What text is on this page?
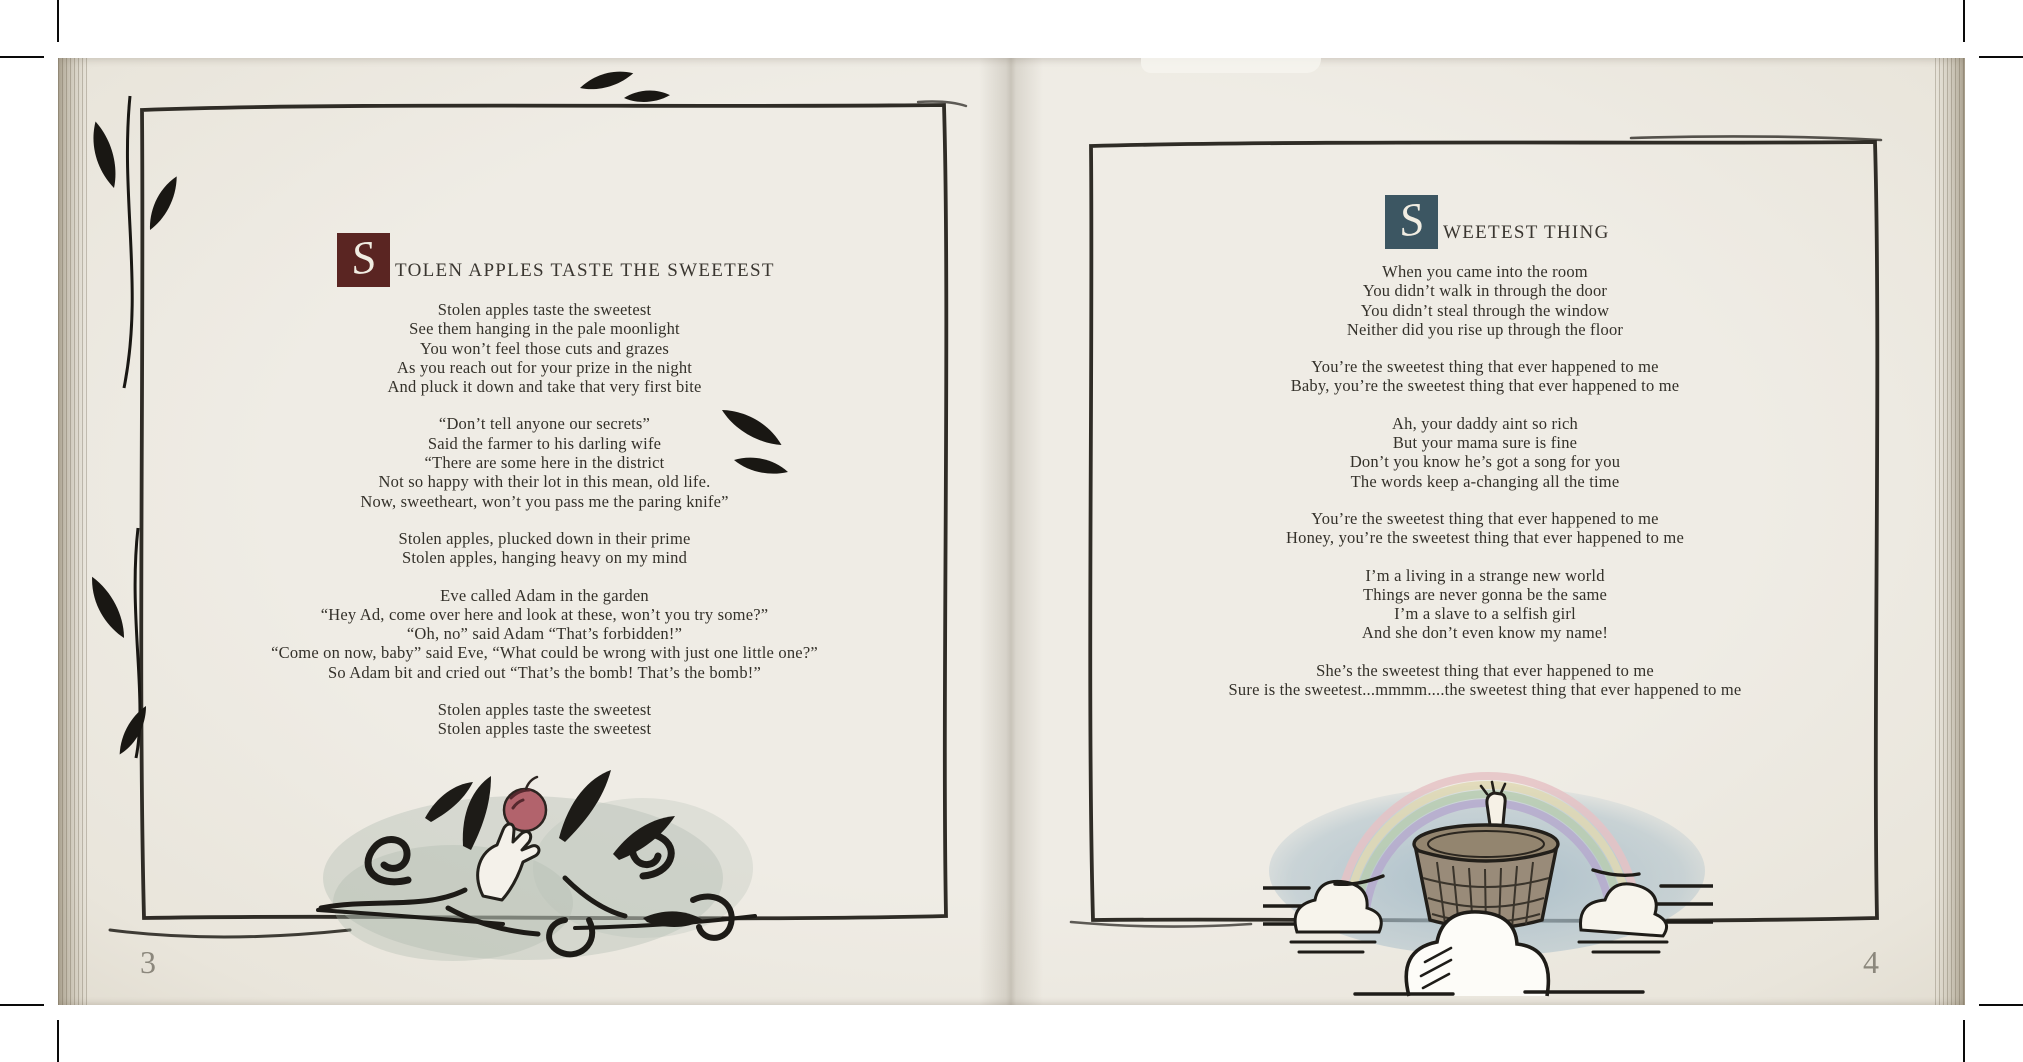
S TOLEN APPLES TASTE THE SWEETEST
Stolen apples taste the sweetest
See them hanging in the pale moonlight
You won’t feel those cuts and grazes
As you reach out for your prize in the night
And pluck it down and take that very first bite
“Don’t tell anyone our secrets”
Said the farmer to his darling wife
“There are some here in the district
Not so happy with their lot in this mean, old life.
Now, sweetheart, won’t you pass me the paring knife”
Stolen apples, plucked down in their prime
Stolen apples, hanging heavy on my mind
Eve called Adam in the garden
“Hey Ad, come over here and look at these, won’t you try some?”
“Oh, no” said Adam “That’s forbidden!”
“Come on now, baby” said Eve, “What could be wrong with just one little one?”
So Adam bit and cried out “That’s the bomb! That’s the bomb!”
Stolen apples taste the sweetest
Stolen apples taste the sweetest
3
S WEETEST THING
When you came into the room
You didn’t walk in through the door
You didn’t steal through the window
Neither did you rise up through the floor
You’re the sweetest thing that ever happened to me
Baby, you’re the sweetest thing that ever happened to me
Ah, your daddy aint so rich
But your mama sure is fine
Don’t you know he’s got a song for you
The words keep a-changing all the time
You’re the sweetest thing that ever happened to me
Honey, you’re the sweetest thing that ever happened to me
I’m a living in a strange new world
Things are never gonna be the same
I’m a slave to a selfish girl
And she don’t even know my name!
She’s the sweetest thing that ever happened to me
Sure is the sweetest...mmmm....the sweetest thing that ever happened to me
4
